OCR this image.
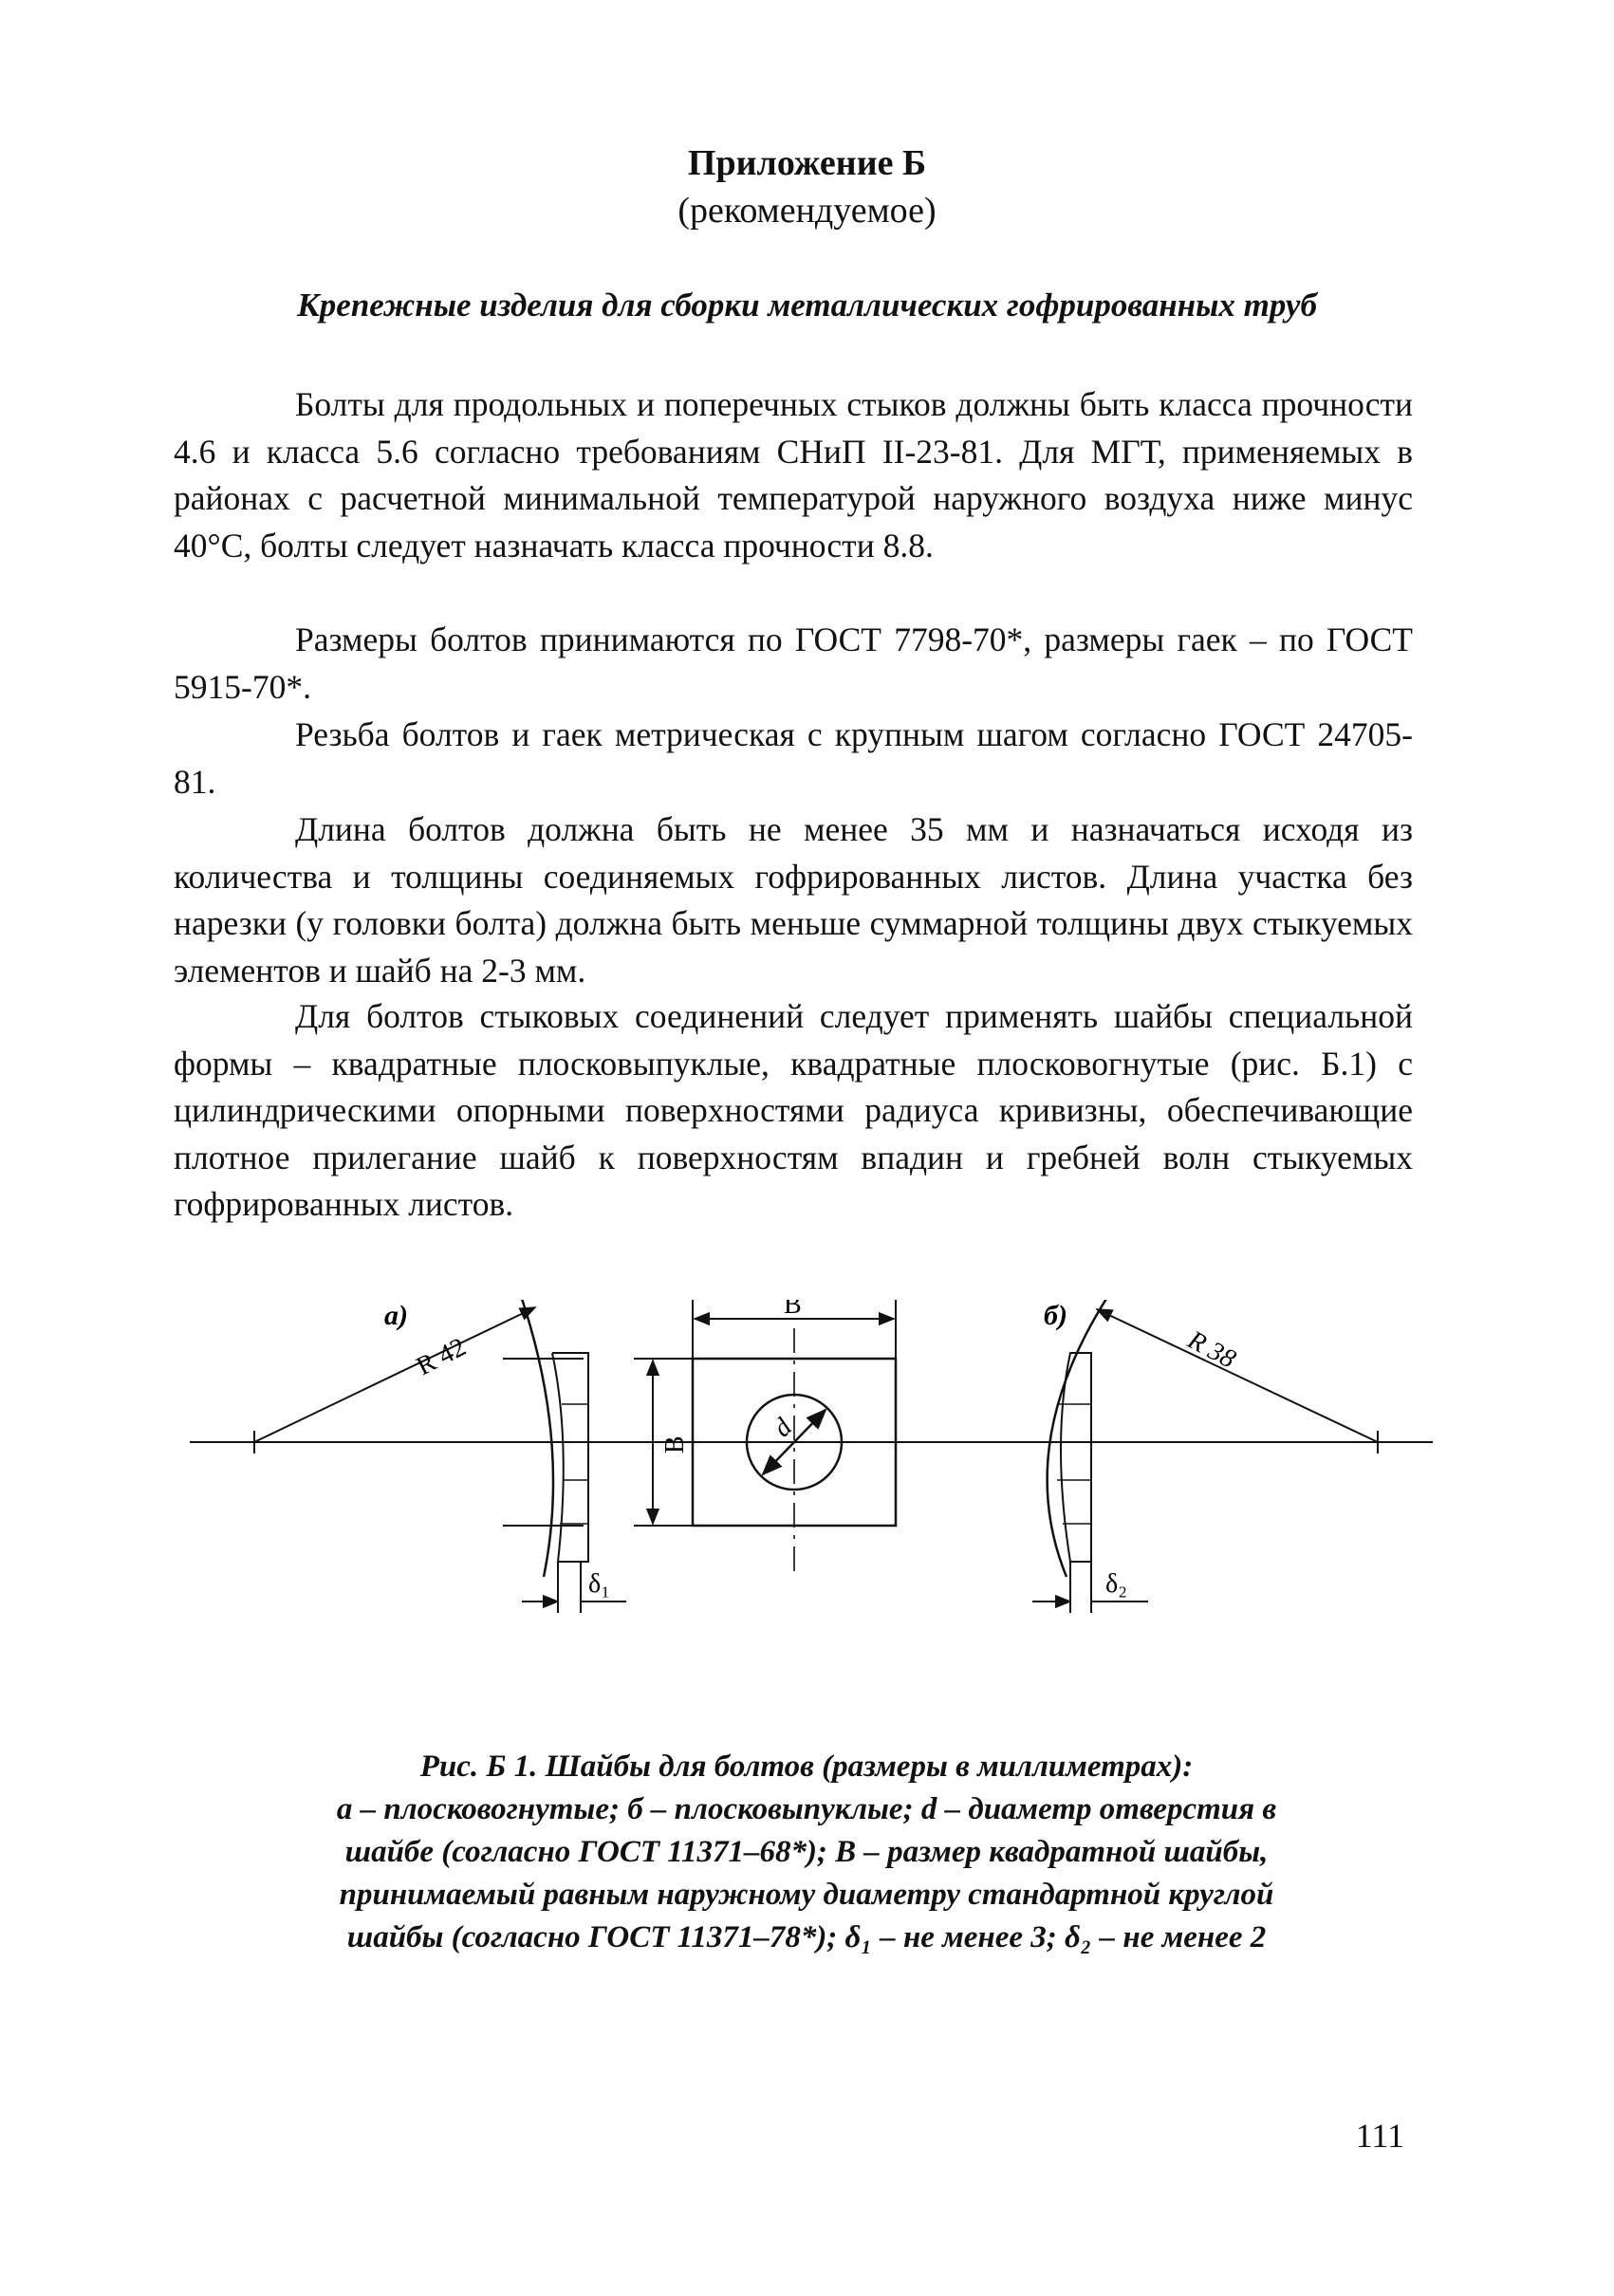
Приложение Б
(рекомендуемое)
Крепежные изделия для сборки металлических гофрированных труб

Болты для продольных и поперечных стыков должны быть класса прочности 4.6 и класса 5.6 согласно требованиям СНиП II-23-81. Для МГТ, применяемых в районах с расчетной минимальной температурой наружного воздуха ниже минус 40°С, болты следует назначать класса прочности 8.8.

Размеры болтов принимаются по ГОСТ 7798-70*, размеры гаек – по ГОСТ 5915-70*.

Резьба болтов и гаек метрическая с крупным шагом согласно ГОСТ 24705-81.

Длина болтов должна быть не менее 35 мм и назначаться исходя из количества и толщины соединяемых гофрированных листов. Длина участка без нарезки (у головки болта) должна быть меньше суммарной толщины двух стыкуемых элементов и шайб на 2-3 мм.

Для болтов стыковых соединений следует применять шайбы специальной формы – квадратные плосковыпуклые, квадратные плосковогнутые (рис. Б.1) с цилиндрическими опорными поверхностями радиуса кривизны, обеспечивающие плотное прилегание шайб к поверхностям впадин и гребней волн стыкуемых гофрированных листов.

а)	б)
R 42
δ₁
B
B
d
R 38
δ₂

Рис. Б 1. Шайбы для болтов (размеры в миллиметрах):
а – плосковогнутые; б – плосковыпуклые; d – диаметр отверстия в
шайбе (согласно ГОСТ 11371–68*); В – размер квадратной шайбы,
принимаемый равным наружному диаметру стандартной круглой
шайбы (согласно ГОСТ 11371–78*); δ₁ – не менее 3; δ₂ – не менее 2

111
